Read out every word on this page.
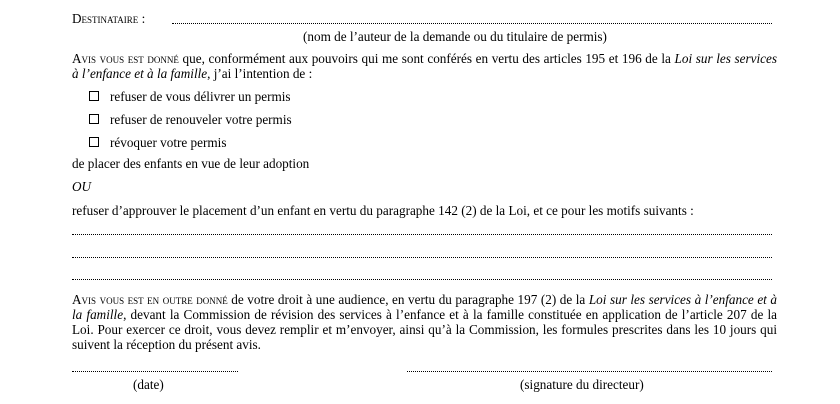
Destinataire :
(nom de l’auteur de la demande ou du titulaire de permis)
Avis vous est donné que, conformément aux pouvoirs qui me sont conférés en vertu des articles 195 et 196 de la Loi sur les services à l’enfance et à la famille, j’ai l’intention de :
refuser de vous délivrer un permis
refuser de renouveler votre permis
révoquer votre permis
de placer des enfants en vue de leur adoption
OU
refuser d’approuver le placement d’un enfant en vertu du paragraphe 142 (2) de la Loi, et ce pour les motifs suivants :
Avis vous est en outre donné de votre droit à une audience, en vertu du paragraphe 197 (2) de la Loi sur les services à l’enfance et à la famille, devant la Commission de révision des services à l’enfance et à la famille constituée en application de l’article 207 de la Loi. Pour exercer ce droit, vous devez remplir et m’envoyer, ainsi qu’à la Commission, les formules prescrites dans les 10 jours qui suivent la réception du présent avis.
(date)	(signature du directeur)
